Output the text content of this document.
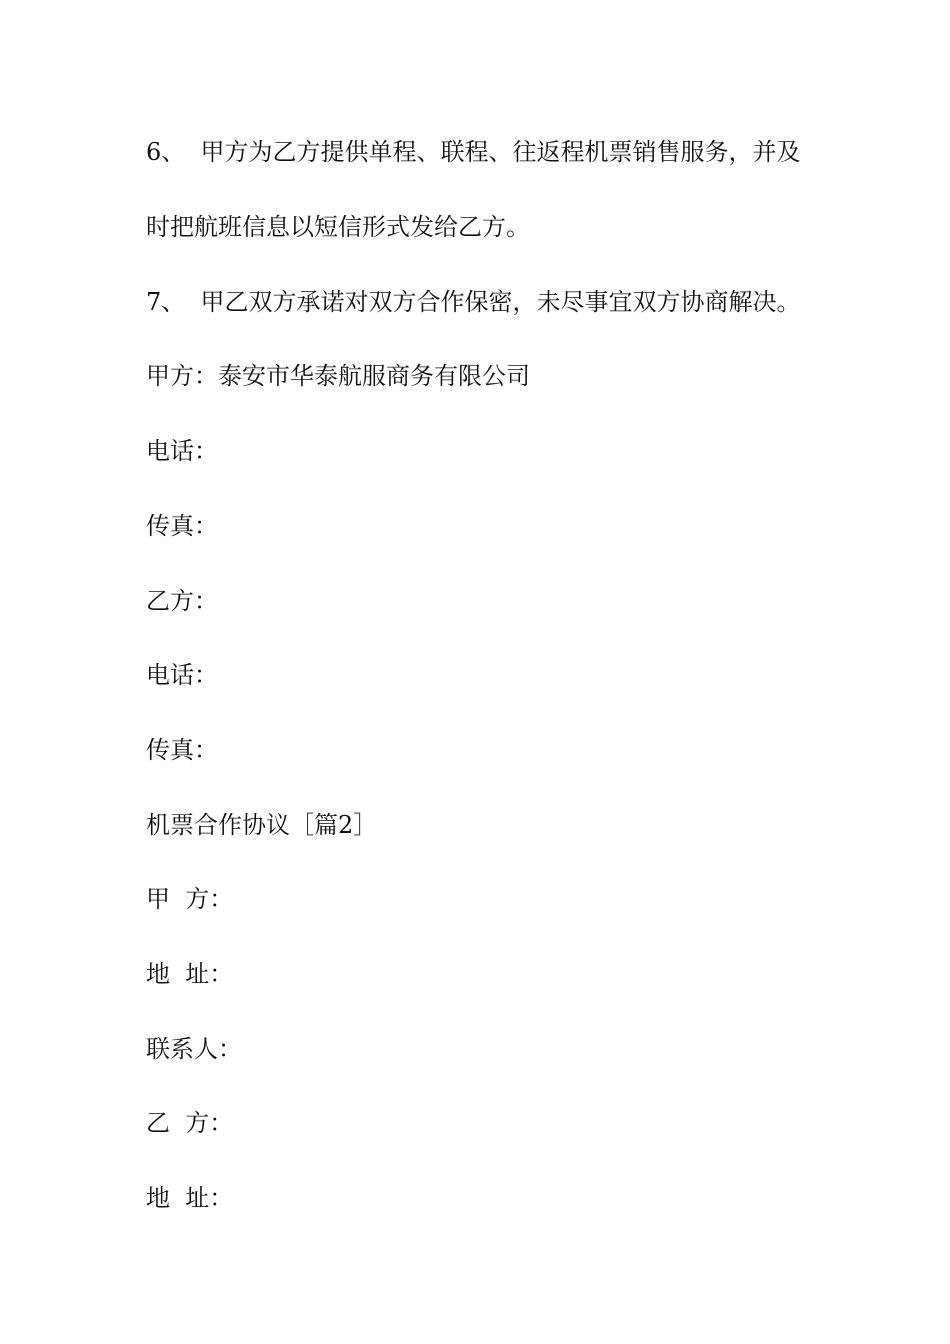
6、  甲方为乙方提供单程、联程、往返程机票销售服务，并及
时把航班信息以短信形式发给乙方。
7、  甲乙双方承诺对双方合作保密，未尽事宜双方协商解决。
甲方：泰安市华泰航服商务有限公司
电话：
传真：
乙方：
电话：
传真：
机票合作协议［篇2］
甲  方：
地  址：
联系人：
乙  方：
地  址：
